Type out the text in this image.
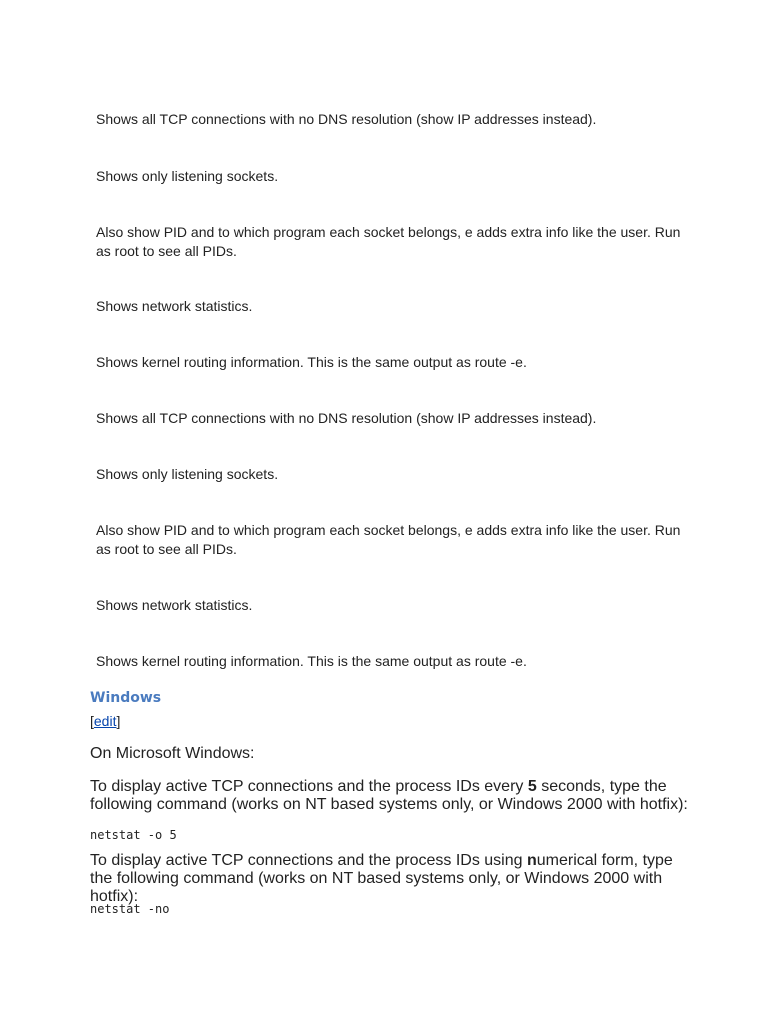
Shows all TCP connections with no DNS resolution (show IP addresses instead).

Shows only listening sockets.

Also show PID and to which program each socket belongs, e adds extra info like the user. Run as root to see all PIDs.

Shows network statistics.

Shows kernel routing information. This is the same output as route -e.

Shows all TCP connections with no DNS resolution (show IP addresses instead).

Shows only listening sockets.

Also show PID and to which program each socket belongs, e adds extra info like the user. Run as root to see all PIDs.

Shows network statistics.

Shows kernel routing information. This is the same output as route -e.

Windows

[edit]

On Microsoft Windows:

To display active TCP connections and the process IDs every 5 seconds, type the following command (works on NT based systems only, or Windows 2000 with hotfix):

netstat -o 5

To display active TCP connections and the process IDs using numerical form, type the following command (works on NT based systems only, or Windows 2000 with hotfix):

netstat -no
